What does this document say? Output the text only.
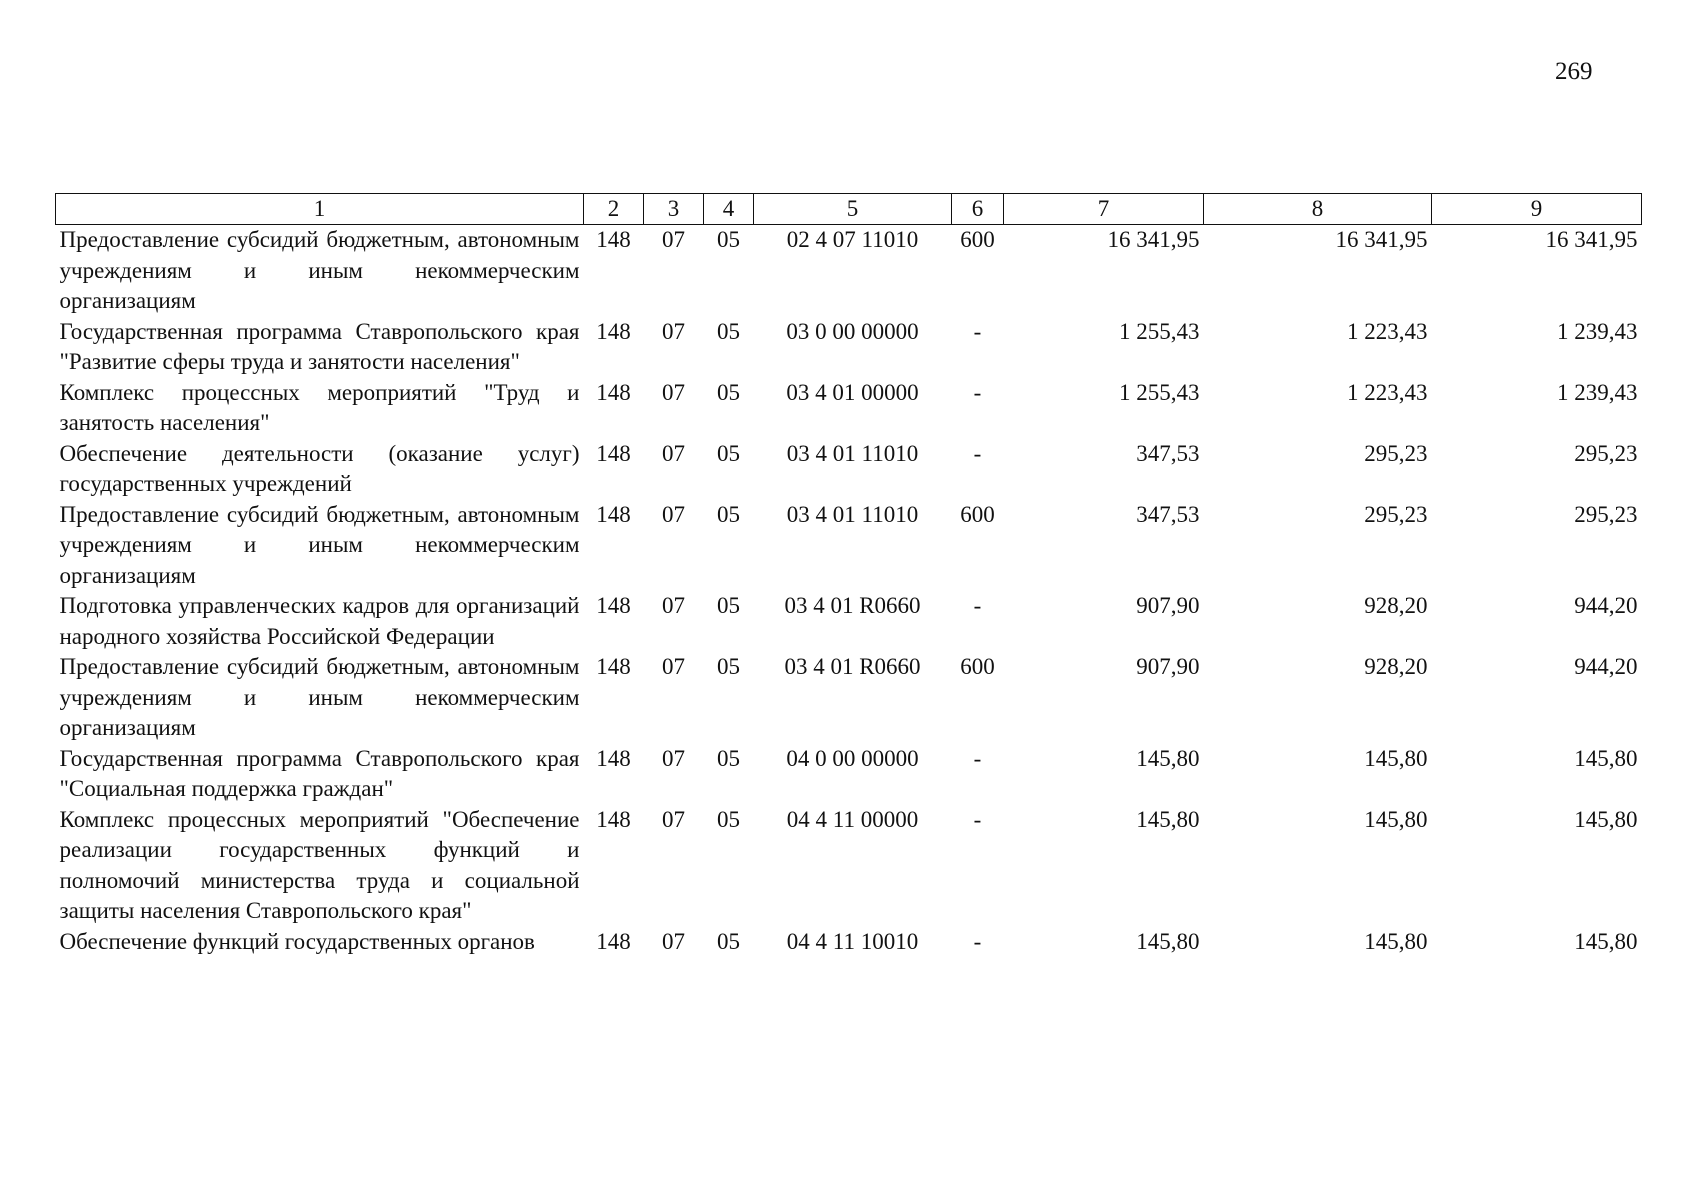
269
1	2	3	4	5	6	7	8	9
Предоставление субсидий бюджетным, автономным учреждениям и иным некоммерческим организациям	148	07	05	02 4 07 11010	600	16 341,95	16 341,95	16 341,95
Государственная программа Ставропольского края "Развитие сферы труда и занятости населения"	148	07	05	03 0 00 00000	-	1 255,43	1 223,43	1 239,43
Комплекс процессных мероприятий "Труд и занятость населения"	148	07	05	03 4 01 00000	-	1 255,43	1 223,43	1 239,43
Обеспечение деятельности (оказание услуг) государственных учреждений	148	07	05	03 4 01 11010	-	347,53	295,23	295,23
Предоставление субсидий бюджетным, автономным учреждениям и иным некоммерческим организациям	148	07	05	03 4 01 11010	600	347,53	295,23	295,23
Подготовка управленческих кадров для организаций народного хозяйства Российской Федерации	148	07	05	03 4 01 R0660	-	907,90	928,20	944,20
Предоставление субсидий бюджетным, автономным учреждениям и иным некоммерческим организациям	148	07	05	03 4 01 R0660	600	907,90	928,20	944,20
Государственная программа Ставропольского края "Социальная поддержка граждан"	148	07	05	04 0 00 00000	-	145,80	145,80	145,80
Комплекс процессных мероприятий "Обеспечение реализации государственных функций и полномочий министерства труда и социальной защиты населения Ставропольского края"	148	07	05	04 4 11 00000	-	145,80	145,80	145,80
Обеспечение функций государственных органов	148	07	05	04 4 11 10010	-	145,80	145,80	145,80
